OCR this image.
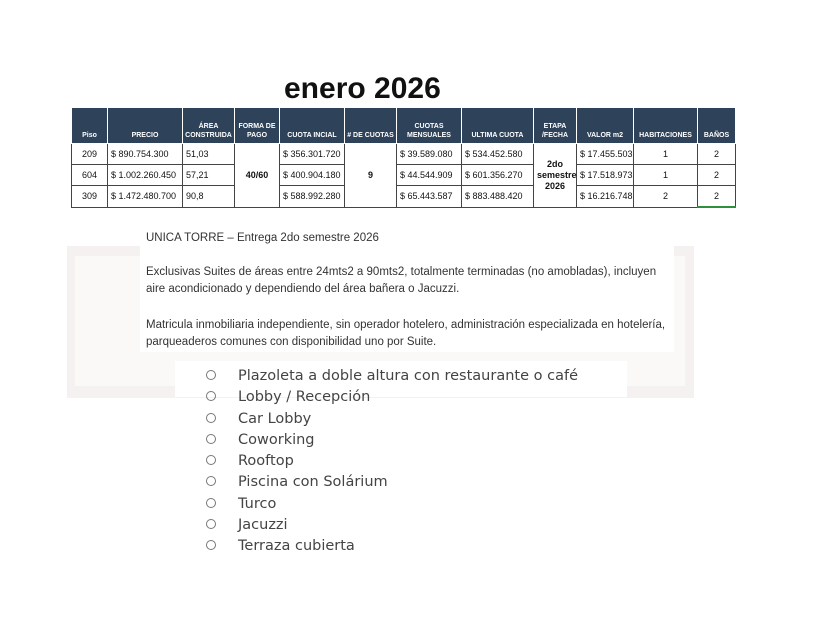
enero 2026
Piso	PRECIO	ÁREA CONSTRUIDA	FORMA DE PAGO	CUOTA INCIAL	# DE CUOTAS	CUOTAS MENSUALES	ULTIMA CUOTA	ETAPA /FECHA	VALOR m2	HABITACIONES	BAÑOS
209	$ 890.754.300	51,03	40/60	$ 356.301.720	9	$ 39.589.080	$ 534.452.580	2do semestre 2026	$ 17.455.503	1	2
604	$ 1.002.260.450	57,21		$ 400.904.180		$ 44.544.909	$ 601.356.270		$ 17.518.973	1	2
309	$ 1.472.480.700	90,8		$ 588.992.280		$ 65.443.587	$ 883.488.420		$ 16.216.748	2	2

UNICA TORRE – Entrega 2do semestre 2026

Exclusivas Suites de áreas entre 24mts2 a 90mts2, totalmente terminadas (no amobladas), incluyen aire acondicionado y dependiendo del área bañera o Jacuzzi.

Matricula inmobiliaria independiente, sin operador hotelero, administración especializada en hotelería, parqueaderos comunes con disponibilidad uno por Suite.

Plazoleta a doble altura con restaurante o café
Lobby / Recepción
Car Lobby
Coworking
Rooftop
Piscina con Solárium
Turco
Jacuzzi
Terraza cubierta
